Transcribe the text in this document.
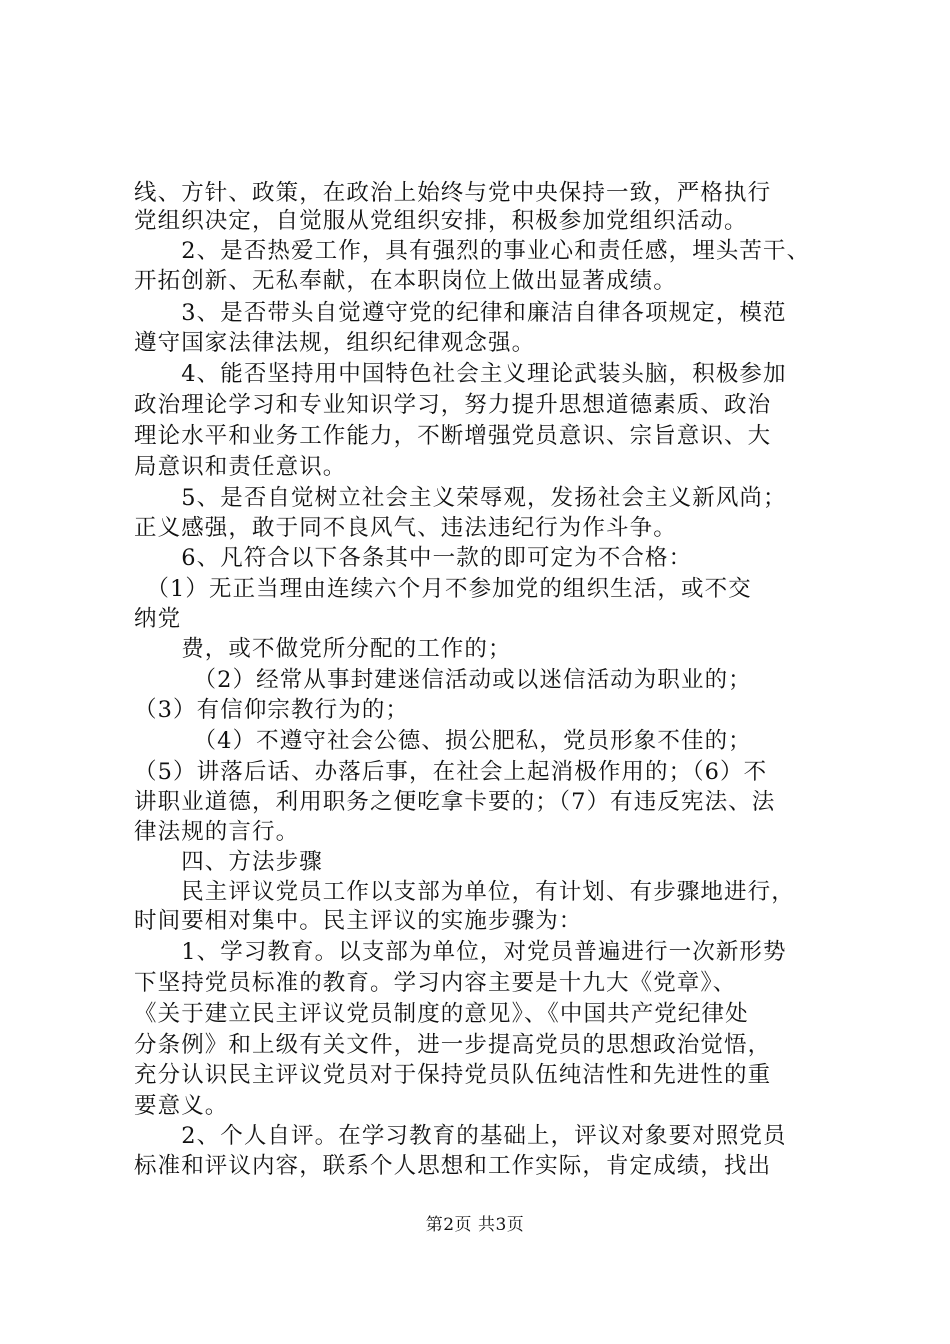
线、方针、政策，在政治上始终与党中央保持一致，严格执行
党组织决定，自觉服从党组织安排，积极参加党组织活动。
　　2、是否热爱工作，具有强烈的事业心和责任感，埋头苦干、
开拓创新、无私奉献，在本职岗位上做出显著成绩。
　　3、是否带头自觉遵守党的纪律和廉洁自律各项规定，模范
遵守国家法律法规，组织纪律观念强。
　　4、能否坚持用中国特色社会主义理论武装头脑，积极参加
政治理论学习和专业知识学习，努力提升思想道德素质、政治
理论水平和业务工作能力，不断增强党员意识、宗旨意识、大
局意识和责任意识。
　　5、是否自觉树立社会主义荣辱观，发扬社会主义新风尚；
正义感强，敢于同不良风气、违法违纪行为作斗争。
　　6、凡符合以下各条其中一款的即可定为不合格：
　（1）无正当理由连续六个月不参加党的组织生活，或不交
纳党
　　费，或不做党所分配的工作的；
　　　（2）经常从事封建迷信活动或以迷信活动为职业的；
（3）有信仰宗教行为的；
　　　（4）不遵守社会公德、损公肥私，党员形象不佳的；
（5）讲落后话、办落后事，在社会上起消极作用的；（6）不
讲职业道德，利用职务之便吃拿卡要的；（7）有违反宪法、法
律法规的言行。
　　四、方法步骤
　　民主评议党员工作以支部为单位，有计划、有步骤地进行，
时间要相对集中。民主评议的实施步骤为：
　　1、学习教育。以支部为单位，对党员普遍进行一次新形势
下坚持党员标准的教育。学习内容主要是十九大《党章》、
《关于建立民主评议党员制度的意见》、《中国共产党纪律处
分条例》和上级有关文件，进一步提高党员的思想政治觉悟，
充分认识民主评议党员对于保持党员队伍纯洁性和先进性的重
要意义。
　　2、个人自评。在学习教育的基础上，评议对象要对照党员
标准和评议内容，联系个人思想和工作实际，肯定成绩，找出
第2页 共3页
